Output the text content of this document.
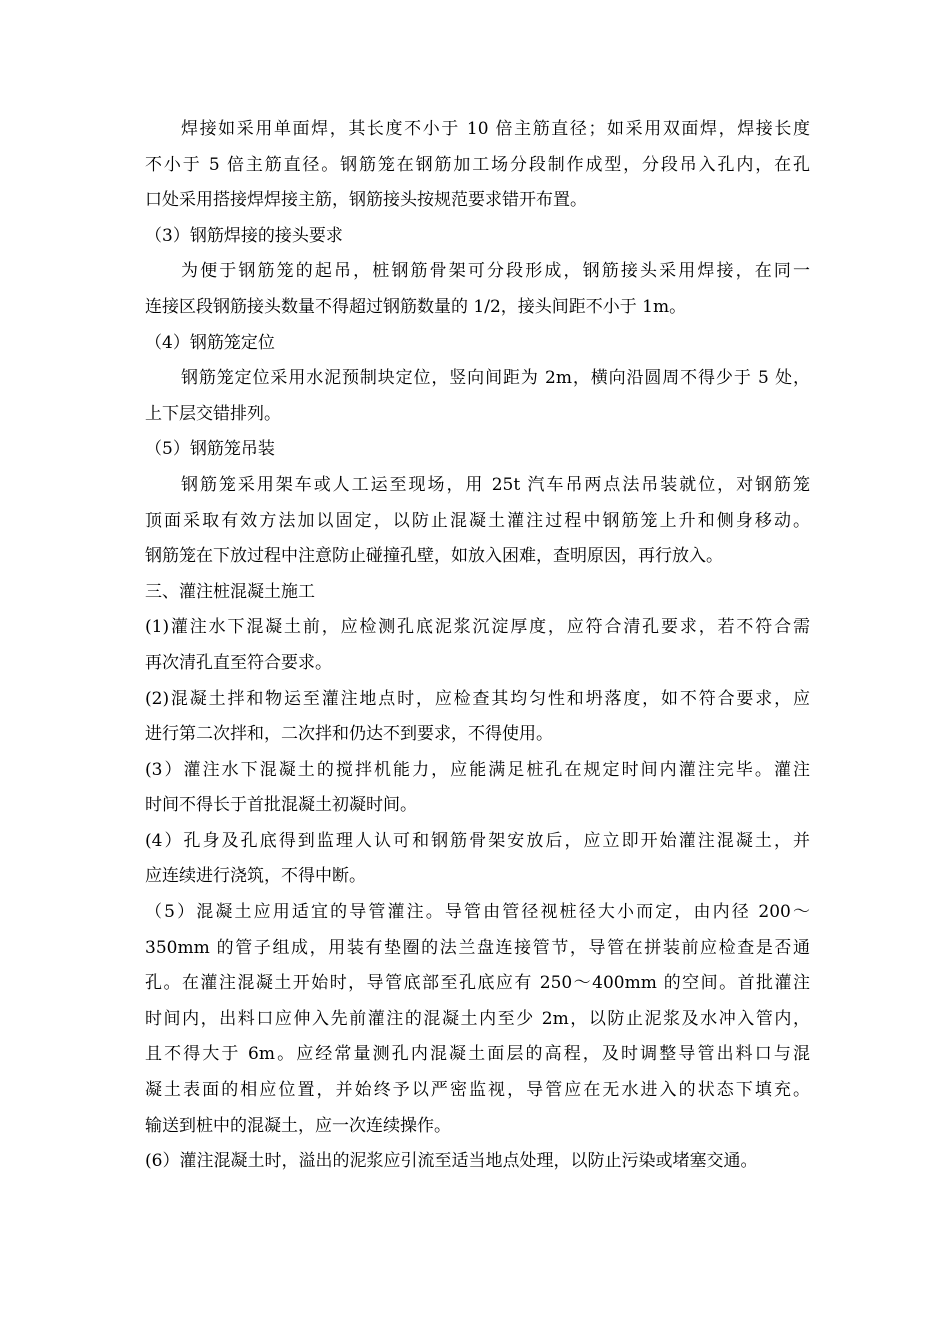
焊接如采用单面焊，其长度不小于 10 倍主筋直径；如采用双面焊，焊接长度
不小于 5 倍主筋直径。钢筋笼在钢筋加工场分段制作成型，分段吊入孔内，在孔
口处采用搭接焊焊接主筋，钢筋接头按规范要求错开布置。
（3）钢筋焊接的接头要求
为便于钢筋笼的起吊，桩钢筋骨架可分段形成，钢筋接头采用焊接，在同一
连接区段钢筋接头数量不得超过钢筋数量的 1/2，接头间距不小于 1m。
（4）钢筋笼定位
钢筋笼定位采用水泥预制块定位，竖向间距为 2m，横向沿圆周不得少于 5 处，
上下层交错排列。
（5）钢筋笼吊装
钢筋笼采用架车或人工运至现场，用 25t 汽车吊两点法吊装就位，对钢筋笼
顶面采取有效方法加以固定，以防止混凝土灌注过程中钢筋笼上升和侧身移动。
钢筋笼在下放过程中注意防止碰撞孔壁，如放入困难，查明原因，再行放入。
三、灌注桩混凝土施工
(1)灌注水下混凝土前，应检测孔底泥浆沉淀厚度，应符合清孔要求，若不符合需
再次清孔直至符合要求。
(2)混凝土拌和物运至灌注地点时，应检查其均匀性和坍落度，如不符合要求，应
进行第二次拌和，二次拌和仍达不到要求，不得使用。
(3）灌注水下混凝土的搅拌机能力，应能满足桩孔在规定时间内灌注完毕。灌注
时间不得长于首批混凝土初凝时间。
(4）孔身及孔底得到监理人认可和钢筋骨架安放后，应立即开始灌注混凝土，并
应连续进行浇筑，不得中断。
（5）混凝土应用适宜的导管灌注。导管由管径视桩径大小而定，由内径 200～
350mm 的管子组成，用装有垫圈的法兰盘连接管节，导管在拼装前应检查是否通
孔。在灌注混凝土开始时，导管底部至孔底应有 250～400mm 的空间。首批灌注
时间内，出料口应伸入先前灌注的混凝土内至少 2m，以防止泥浆及水冲入管内，
且不得大于 6m。应经常量测孔内混凝土面层的高程，及时调整导管出料口与混
凝土表面的相应位置，并始终予以严密监视，导管应在无水进入的状态下填充。
输送到桩中的混凝土，应一次连续操作。
(6）灌注混凝土时，溢出的泥浆应引流至适当地点处理，以防止污染或堵塞交通。
